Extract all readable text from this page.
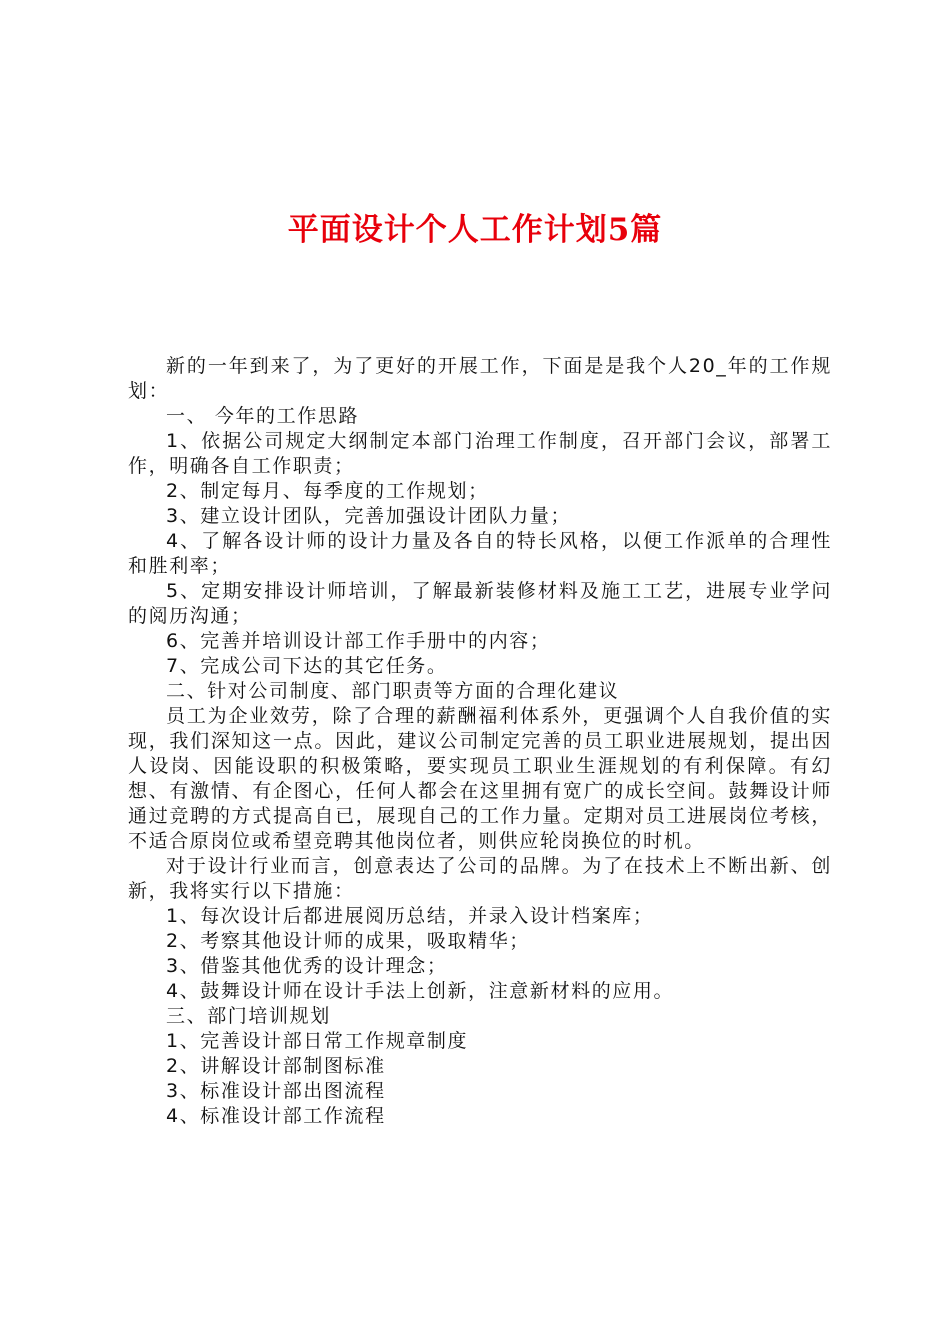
平面设计个人工作计划5篇

新的一年到来了，为了更好的开展工作，下面是是我个人20_年的工作规划：

一、 今年的工作思路

1、依据公司规定大纲制定本部门治理工作制度，召开部门会议，部署工作，明确各自工作职责；

2、制定每月、每季度的工作规划；

3、建立设计团队，完善加强设计团队力量；

4、了解各设计师的设计力量及各自的特长风格，以便工作派单的合理性和胜利率；

5、定期安排设计师培训，了解最新装修材料及施工工艺，进展专业学问的阅历沟通；

6、完善并培训设计部工作手册中的内容；

7、完成公司下达的其它任务。

二、针对公司制度、部门职责等方面的合理化建议

员工为企业效劳，除了合理的薪酬福利体系外，更强调个人自我价值的实现，我们深知这一点。因此，建议公司制定完善的员工职业进展规划，提出因人设岗、因能设职的积极策略，要实现员工职业生涯规划的有利保障。有幻想、有激情、有企图心，任何人都会在这里拥有宽广的成长空间。鼓舞设计师通过竞聘的方式提高自已，展现自己的工作力量。定期对员工进展岗位考核，不适合原岗位或希望竞聘其他岗位者，则供应轮岗换位的时机。

对于设计行业而言，创意表达了公司的品牌。为了在技术上不断出新、创新，我将实行以下措施：

1、每次设计后都进展阅历总结，并录入设计档案库；

2、考察其他设计师的成果，吸取精华；

3、借鉴其他优秀的设计理念；

4、鼓舞设计师在设计手法上创新，注意新材料的应用。

三、部门培训规划

1、完善设计部日常工作规章制度

2、讲解设计部制图标准

3、标准设计部出图流程

4、标准设计部工作流程
